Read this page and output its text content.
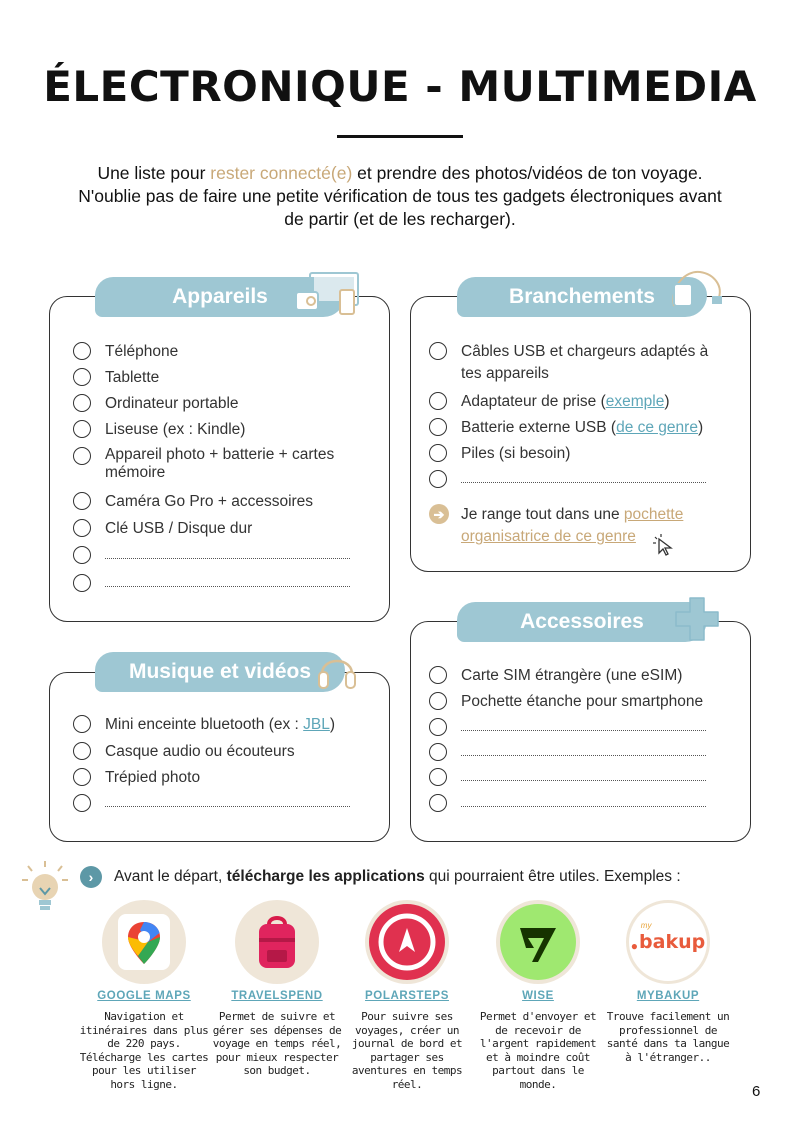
ÉLECTRONIQUE - MULTIMEDIA
Une liste pour rester connecté(e) et prendre des photos/vidéos de ton voyage. N'oublie pas de faire une petite vérification de tous tes gadgets électroniques avant de partir (et de les recharger).
Appareils
Téléphone
Tablette
Ordinateur portable
Liseuse (ex : Kindle)
Appareil photo + batterie + cartes mémoire
Caméra Go Pro + accessoires
Clé USB / Disque dur
Branchements
Câbles USB et chargeurs adaptés à tes appareils
Adaptateur de prise (exemple)
Batterie externe USB (de ce genre)
Piles (si besoin)
➔ Je range tout dans une pochette organisatrice de ce genre
Musique et vidéos
Mini enceinte bluetooth (ex : JBL)
Casque audio ou écouteurs
Trépied photo
Accessoires
Carte SIM étrangère (une eSIM)
Pochette étanche pour smartphone
›	Avant le départ, télécharge les applications qui pourraient être utiles. Exemples :
GOOGLE MAPS
Navigation et itinéraires dans plus de 220 pays. Télécharge les cartes pour les utiliser hors ligne.
TRAVELSPEND
Permet de suivre et gérer ses dépenses de voyage en temps réel, pour mieux respecter son budget.
POLARSTEPS
Pour suivre ses voyages, créer un journal de bord et partager ses aventures en temps réel.
WISE
Permet d'envoyer et de recevoir de l'argent rapidement et à moindre coût partout dans le monde.
●
my
bakup
MYBAKUP
Trouve facilement un professionnel de santé dans ta langue à l'étranger..
6
